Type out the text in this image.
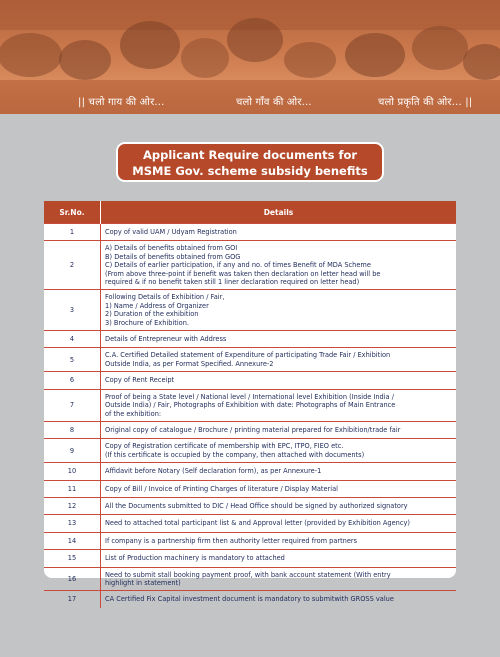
|| चलो गाय की ओर...	चलो गाँव की ओर...	चलो प्रकृति की ओर... ||
Applicant Require documents for
MSME Gov. scheme subsidy benefits
Sr.No.	Details
1	Copy of valid UAM / Udyam Registration

2	A) Details of benefits obtained from GOI
B) Details of benefits obtained from GOG
C) Details of earlier participation, if any and no. of times Benefit of MDA Scheme
(From above three-point if benefit was taken then declaration on letter head will be
required & if no benefit taken still 1 liner declaration required on letter head)

3	Following Details of Exhibition / Fair,
1) Name / Address of Organizer
2) Duration of the exhibition
3) Brochure of Exhibition.

4	Details of Entrepreneur with Address

5	C.A. Certified Detailed statement of Expenditure of participating Trade Fair / Exhibition
Outside India, as per Format Specified. Annexure-2

6	Copy of Rent Receipt

7	Proof of being a State level / National level / International level Exhibition (Inside India /
Outside India) / Fair, Photographs of Exhibition with date: Photographs of Main Entrance
of the exhibition:

8	Original copy of catalogue / Brochure / printing material prepared for Exhibition/trade fair

9	Copy of Registration certificate of membership with EPC, ITPO, FIEO etc.
(If this certificate is occupied by the company, then attached with documents)

10	Affidavit before Notary (Self declaration form), as per Annexure-1

11	Copy of Bill / Invoice of Printing Charges of literature / Display Material

12	All the Documents submitted to DIC / Head Office should be signed by authorized signatory

13	Need to attached total participant list & and Approval letter (provided by Exhibition Agency)

14	If company is a partnership firm then authority letter required from partners

15	List of Production machinery is mandatory to attached

16	Need to submit stall booking payment proof, with bank account statement (With entry
highlight in statement)

17	CA Certified Fix Capital investment document is mandatory to submitwith GROSS value
